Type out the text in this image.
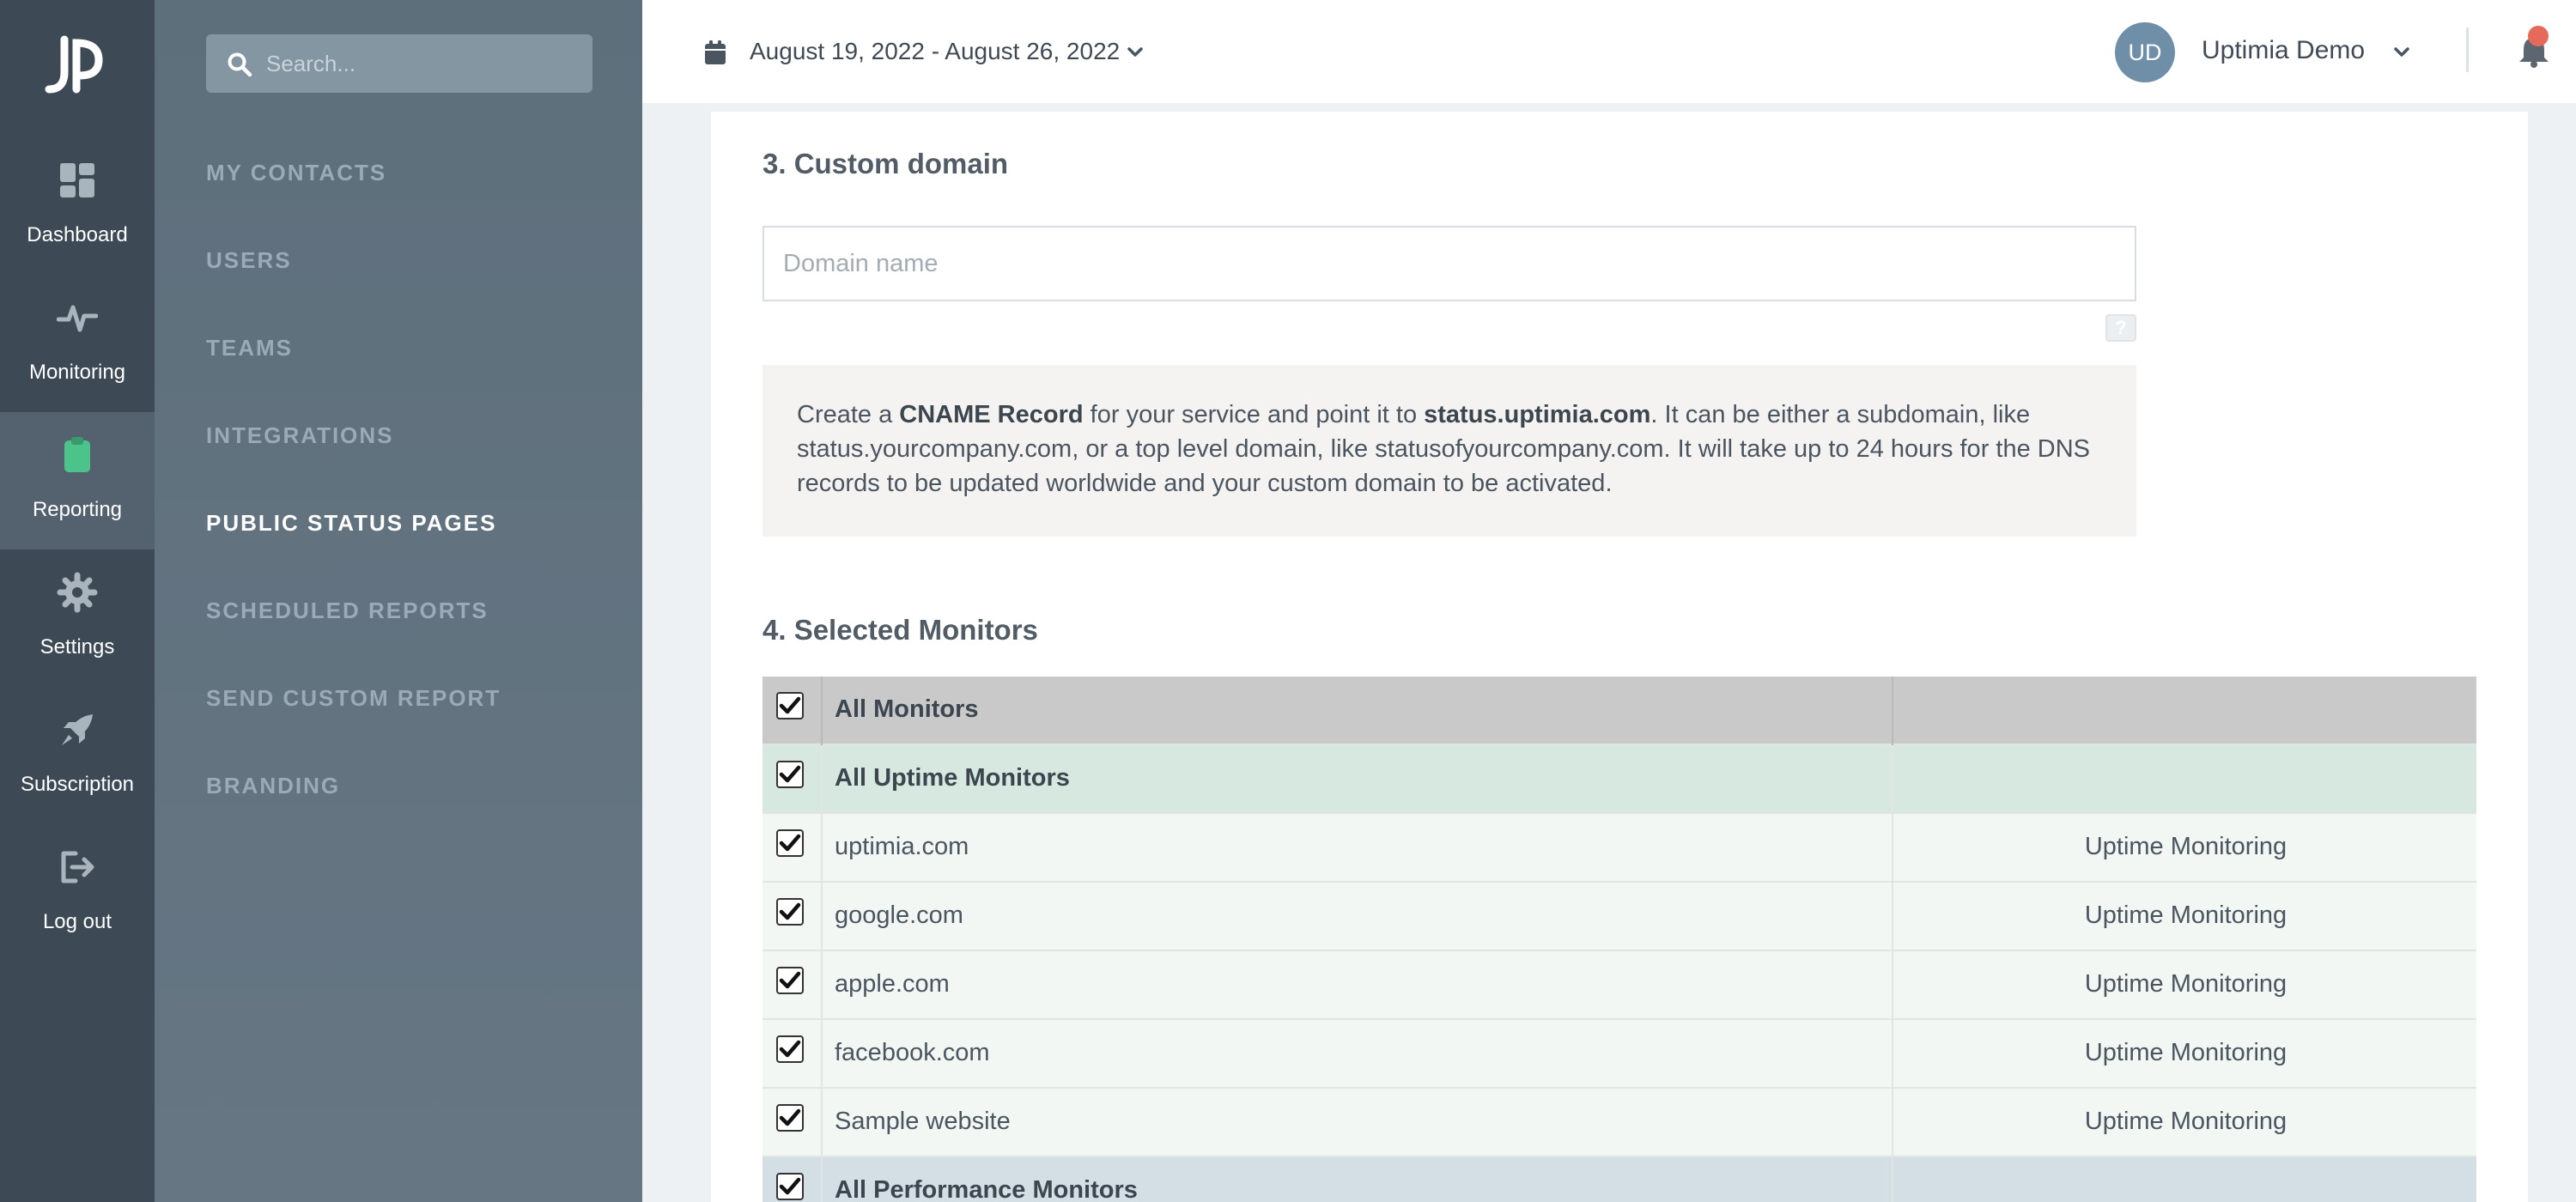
Dashboard
Monitoring
Reporting
Settings
Subscription
Log out
Search...
MY CONTACTS
USERS
TEAMS
INTEGRATIONS
PUBLIC STATUS PAGES
SCHEDULED REPORTS
SEND CUSTOM REPORT
BRANDING
August 19, 2022 - August 26, 2022	UD	Uptimia Demo
3. Custom domain
Domain name
?
Create a CNAME Record for your service and point it to status.uptimia.com. It can be either a subdomain, like status.yourcompany.com, or a top level domain, like statusofyourcompany.com. It will take up to 24 hours for the DNS records to be updated worldwide and your custom domain to be activated.
4. Selected Monitors
All Monitors
All Uptime Monitors
uptimia.com	Uptime Monitoring
google.com	Uptime Monitoring
apple.com	Uptime Monitoring
facebook.com	Uptime Monitoring
Sample website	Uptime Monitoring
All Performance Monitors
